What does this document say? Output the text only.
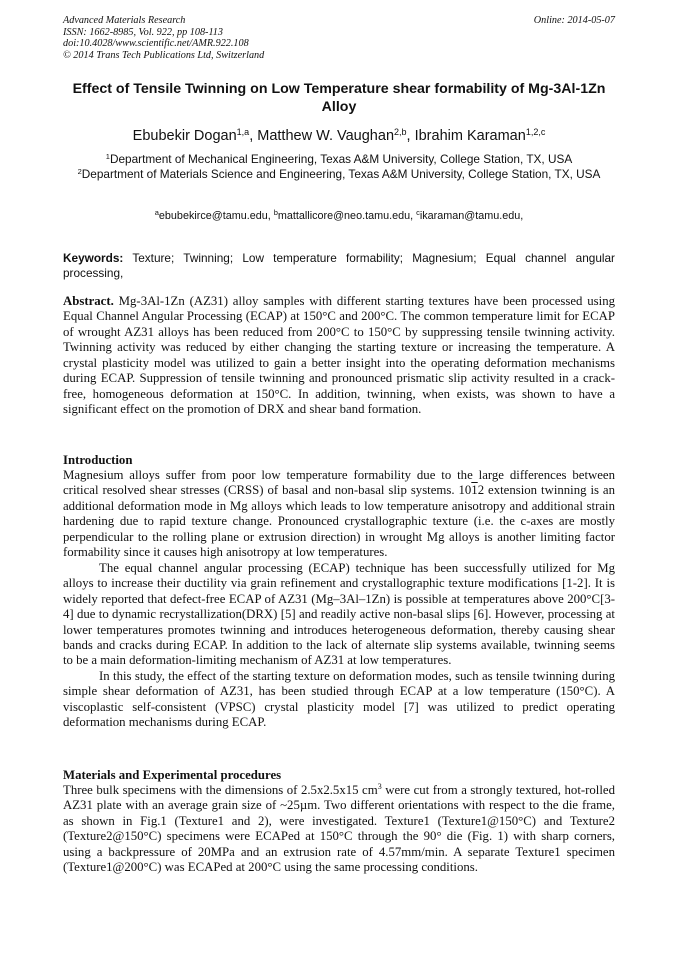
Advanced Materials Research
ISSN: 1662-8985, Vol. 922, pp 108-113
doi:10.4028/www.scientific.net/AMR.922.108
© 2014 Trans Tech Publications Ltd, Switzerland
Online: 2014-05-07
Effect of Tensile Twinning on Low Temperature shear formability of Mg-3Al-1Zn Alloy
Ebubekir Dogan$^{1,a}$, Matthew W. Vaughan$^{2,b}$, Ibrahim Karaman$^{1,2,c}$
$^1$Department of Mechanical Engineering, Texas A&M University, College Station, TX, USA
$^2$Department of Materials Science and Engineering, Texas A&M University, College Station, TX, USA
$^a$ebubekirce@tamu.edu, $^b$mattallicore@neo.tamu.edu, $^c$ikaraman@tamu.edu,
Keywords: Texture; Twinning; Low temperature formability; Magnesium; Equal channel angular processing,
Abstract. Mg-3Al-1Zn (AZ31) alloy samples with different starting textures have been processed using Equal Channel Angular Processing (ECAP) at 150°C and 200°C. The common temperature limit for ECAP of wrought AZ31 alloys has been reduced from 200°C to 150°C by suppressing tensile twinning activity. Twinning activity was reduced by either changing the starting texture or increasing the temperature. A crystal plasticity model was utilized to gain a better insight into the operating deformation mechanisms during ECAP. Suppression of tensile twinning and pronounced prismatic slip activity resulted in a crack-free, homogeneous deformation at 150°C. In addition, twinning, when exists, was shown to have a significant effect on the promotion of DRX and shear band formation.
Introduction

Magnesium alloys suffer from poor low temperature formability due to the large differences between critical resolved shear stresses (CRSS) of basal and non-basal slip systems. 1012 extension twinning is an additional deformation mode in Mg alloys which leads to low temperature anisotropy and additional strain hardening due to rapid texture change. Pronounced crystallographic texture (i.e. the c-axes are mostly perpendicular to the rolling plane or extrusion direction) in wrought Mg alloys is another limiting factor formability since it causes high anisotropy at low temperatures.

The equal channel angular processing (ECAP) technique has been successfully utilized for Mg alloys to increase their ductility via grain refinement and crystallographic texture modifications [1-2]. It is widely reported that defect-free ECAP of AZ31 (Mg–3Al–1Zn) is possible at temperatures above 200°C[3-4] due to dynamic recrystallization(DRX) [5] and readily active non-basal slips [6]. However, processing at lower temperatures promotes twinning and introduces heterogeneous deformation, thereby causing shear bands and cracks during ECAP. In addition to the lack of alternate slip systems available, twinning seems to be a main deformation-limiting mechanism of AZ31 at low temperatures.

In this study, the effect of the starting texture on deformation modes, such as tensile twinning during simple shear deformation of AZ31, has been studied through ECAP at a low temperature (150°C). A viscoplastic self-consistent (VPSC) crystal plasticity model [7] was utilized to predict operating deformation mechanisms during ECAP.

Materials and Experimental procedures
Three bulk specimens with the dimensions of 2.5x2.5x15 $cm^3$ were cut from a strongly textured, hot-rolled AZ31 plate with an average grain size of ~25µm. Two different orientations with respect to the die frame, as shown in Fig.1 (Texture1 and 2), were investigated. Texture1 (Texture1@150°C) and Texture2 (Texture2@150°C) specimens were ECAPed at 150°C through the 90° die (Fig. 1) with sharp corners, using a backpressure of 20MPa and an extrusion rate of 4.57mm/min. A separate Texture1 specimen (Texture1@200°C) was ECAPed at 200°C using the same processing conditions.
